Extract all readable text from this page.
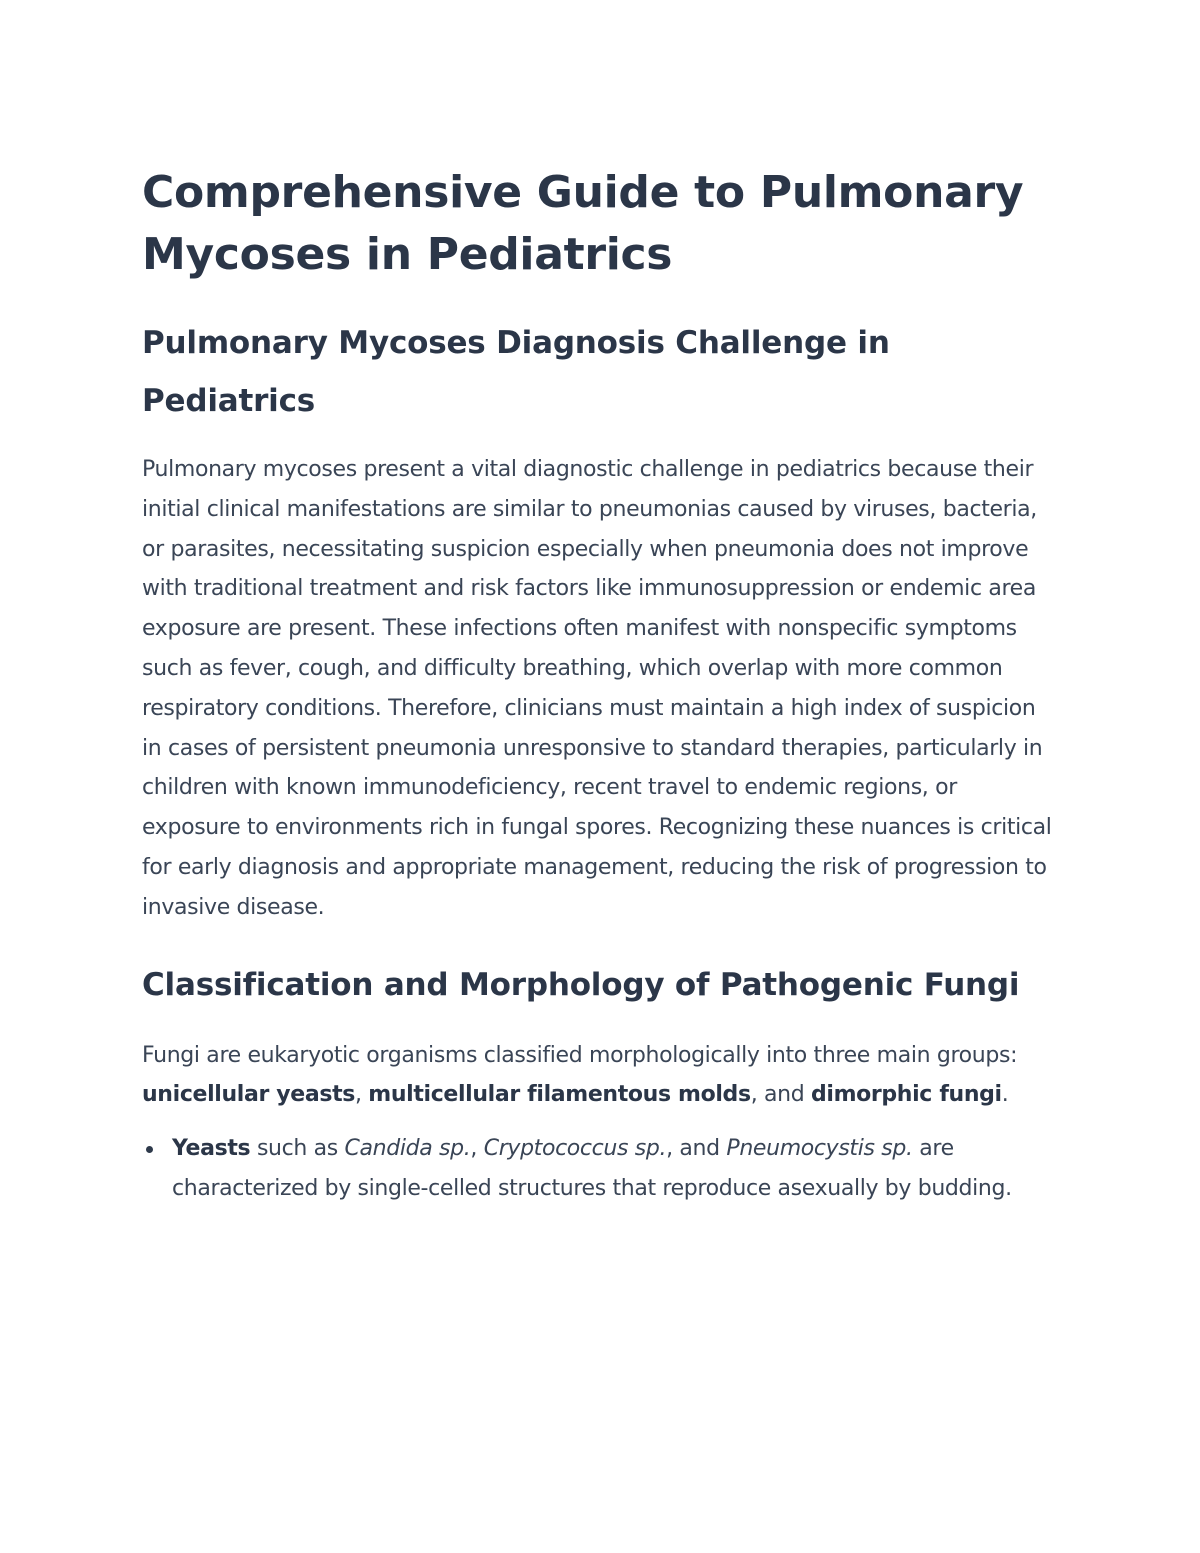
Comprehensive Guide to Pulmonary Mycoses in Pediatrics
Pulmonary Mycoses Diagnosis Challenge in Pediatrics

Pulmonary mycoses present a vital diagnostic challenge in pediatrics because their initial clinical manifestations are similar to pneumonias caused by viruses, bacteria, or parasites, necessitating suspicion especially when pneumonia does not improve with traditional treatment and risk factors like immunosuppression or endemic area exposure are present. These infections often manifest with nonspecific symptoms such as fever, cough, and difficulty breathing, which overlap with more common respiratory conditions. Therefore, clinicians must maintain a high index of suspicion in cases of persistent pneumonia unresponsive to standard therapies, particularly in children with known immunodeficiency, recent travel to endemic regions, or exposure to environments rich in fungal spores. Recognizing these nuances is critical for early diagnosis and appropriate management, reducing the risk of progression to invasive disease.

Classification and Morphology of Pathogenic Fungi

Fungi are eukaryotic organisms classified morphologically into three main groups: unicellular yeasts, multicellular filamentous molds, and dimorphic fungi.

Yeasts such as Candida sp., Cryptococcus sp., and Pneumocystis sp. are characterized by single-celled structures that reproduce asexually by budding.
